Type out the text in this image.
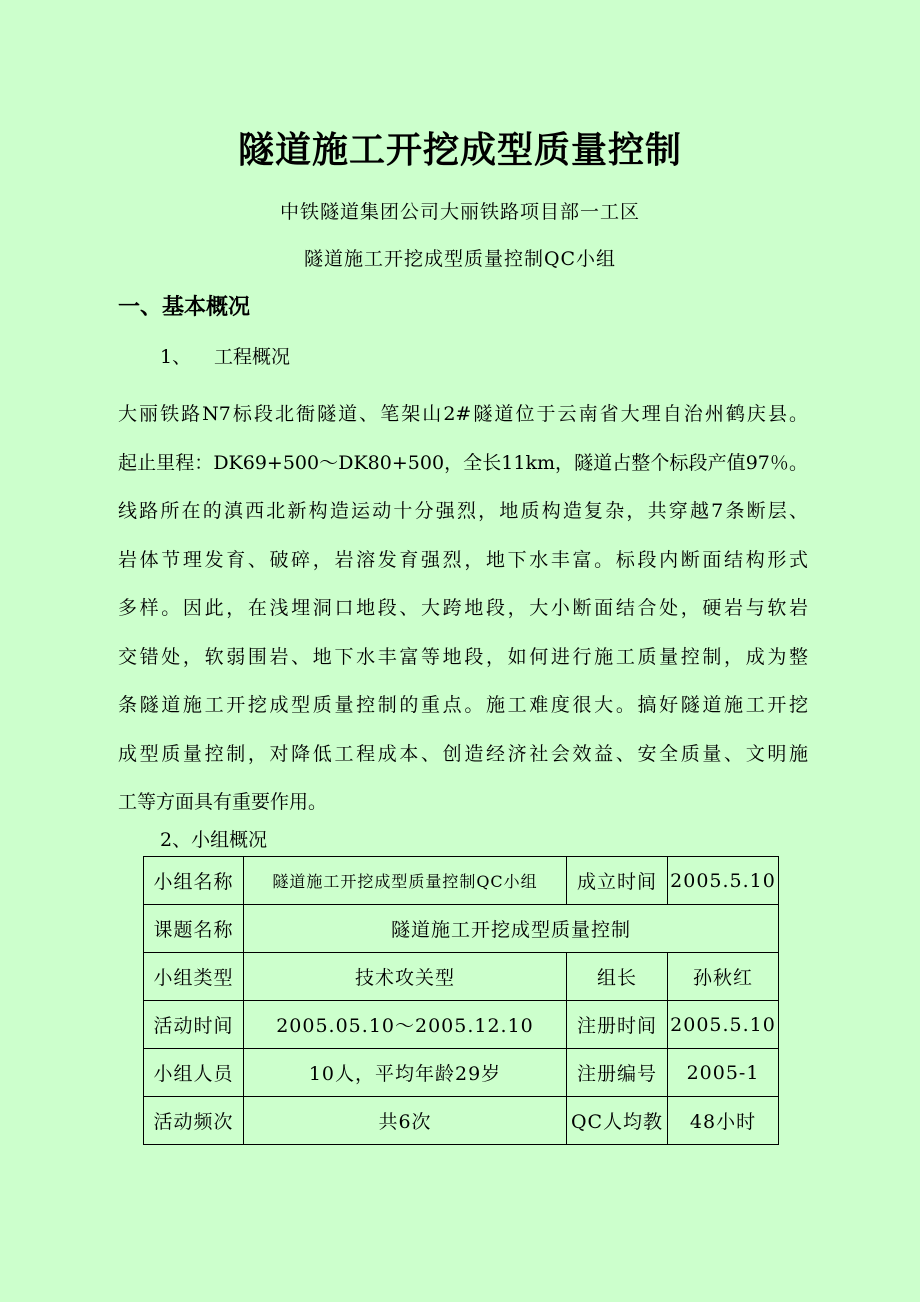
隧道施工开挖成型质量控制
中铁隧道集团公司大丽铁路项目部一工区
隧道施工开挖成型质量控制QC小组
一、基本概况
1、 工程概况
大丽铁路N7标段北衙隧道、笔架山2#隧道位于云南省大理自治州鹤庆县。
起止里程：DK69+500～DK80+500，全长11km，隧道占整个标段产值97％。
线路所在的滇西北新构造运动十分强烈，地质构造复杂，共穿越7条断层、
岩体节理发育、破碎，岩溶发育强烈，地下水丰富。标段内断面结构形式
多样。因此，在浅埋洞口地段、大跨地段，大小断面结合处，硬岩与软岩
交错处，软弱围岩、地下水丰富等地段，如何进行施工质量控制，成为整
条隧道施工开挖成型质量控制的重点。施工难度很大。搞好隧道施工开挖
成型质量控制，对降低工程成本、创造经济社会效益、安全质量、文明施
工等方面具有重要作用。
2、小组概况
小组名称	隧道施工开挖成型质量控制QC小组	成立时间	2005.5.10
课题名称	隧道施工开挖成型质量控制		
小组类型	技术攻关型	组长	孙秋红
活动时间	2005.05.10～2005.12.10	注册时间	2005.5.10
小组人员	10人，平均年龄29岁	注册编号	2005-1
活动频次	共6次	QC人均教	48小时
